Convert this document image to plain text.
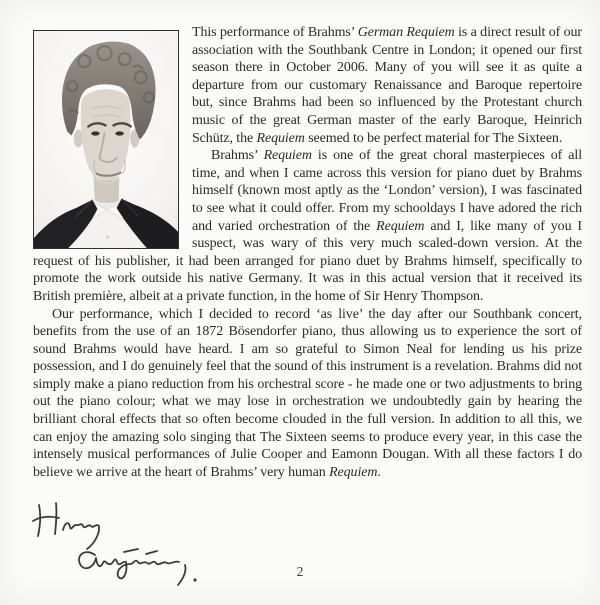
This performance of Brahms’ German Requiem is a direct result of our association with the Southbank Centre in London; it opened our first season there in October 2006. Many of you will see it as quite a departure from our customary Renaissance and Baroque repertoire but, since Brahms had been so influenced by the Protestant church music of the great German master of the early Baroque, Heinrich Schütz, the Requiem seemed to be perfect material for The Sixteen.

Brahms’ Requiem is one of the great choral masterpieces of all time, and when I came across this version for piano duet by Brahms himself (known most aptly as the ‘London’ version), I was fascinated to see what it could offer. From my schooldays I have adored the rich and varied orchestration of the Requiem and I, like many of you I suspect, was wary of this very much scaled-down version. At the request of his publisher, it had been arranged for piano duet by Brahms himself, specifically to promote the work outside his native Germany. It was in this actual version that it received its British première, albeit at a private function, in the home of Sir Henry Thompson.

Our performance, which I decided to record ‘as live’ the day after our Southbank concert, benefits from the use of an 1872 Bösendorfer piano, thus allowing us to experience the sort of sound Brahms would have heard. I am so grateful to Simon Neal for lending us his prize possession, and I do genuinely feel that the sound of this instrument is a revelation. Brahms did not simply make a piano reduction from his orchestral score - he made one or two adjustments to bring out the piano colour; what we may lose in orchestration we undoubtedly gain by hearing the brilliant choral effects that so often become clouded in the full version. In addition to all this, we can enjoy the amazing solo singing that The Sixteen seems to produce every year, in this case the intensely musical performances of Julie Cooper and Eamonn Dougan. With all these factors I do believe we arrive at the heart of Brahms’ very human Requiem.

2
